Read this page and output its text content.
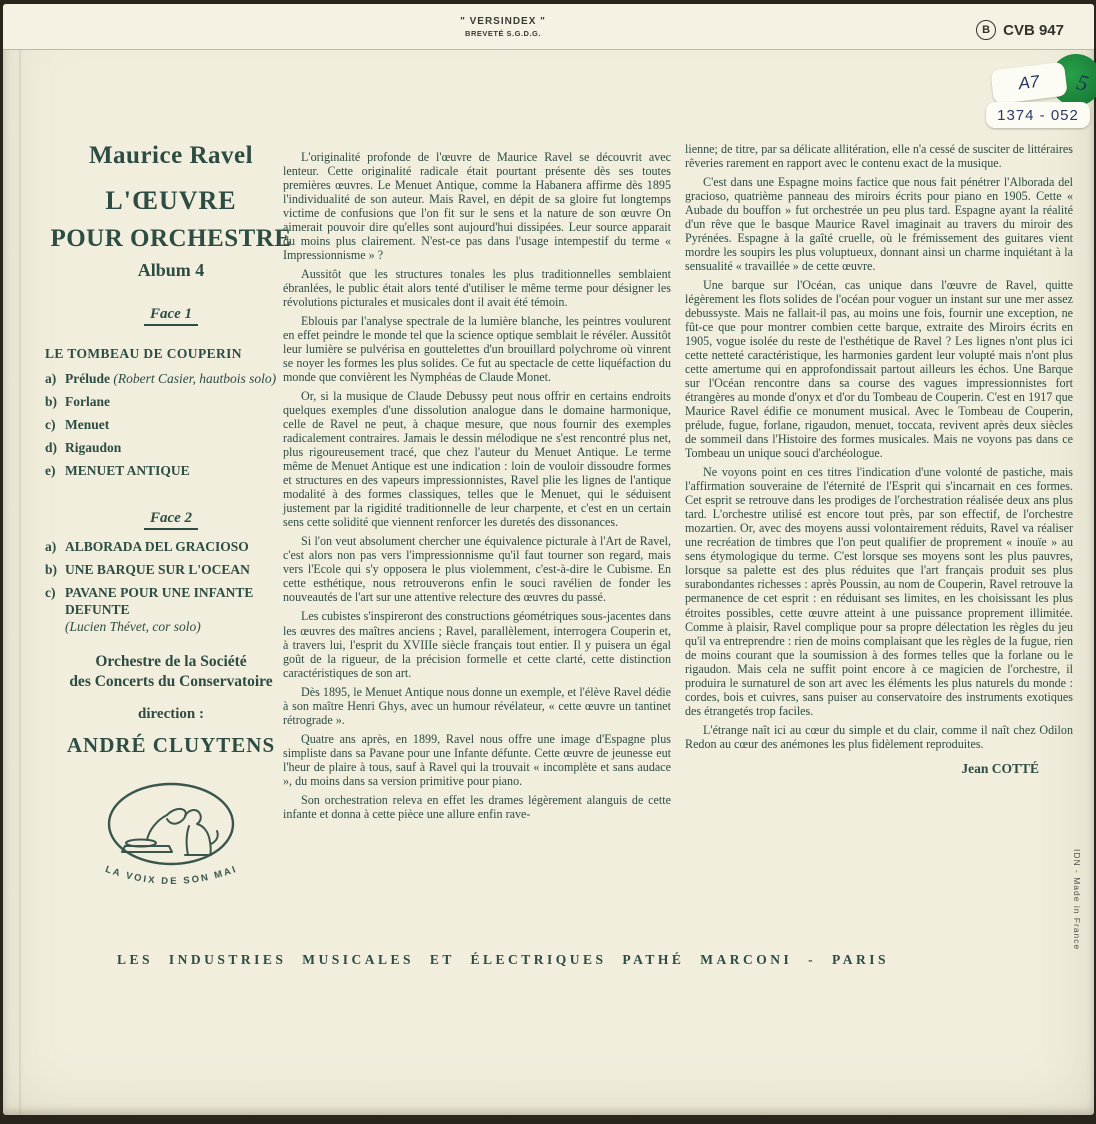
" VERSINDEX "
BREVETÉ S.G.D.G.	B CVB 947
A7	5
1374 - 052
Maurice Ravel
L'ŒUVRE
POUR ORCHESTRE
Album 4
Face 1
LE TOMBEAU DE COUPERIN
a) Prélude (Robert Casier, hautbois solo)
b) Forlane
c) Menuet
d) Rigaudon
e) MENUET ANTIQUE
Face 2
a) ALBORADA DEL GRACIOSO
b) UNE BARQUE SUR L'OCEAN
c) PAVANE POUR UNE INFANTE DEFUNTE
(Lucien Thévet, cor solo)
Orchestre de la Société
des Concerts du Conservatoire
direction :
ANDRÉ CLUYTENS
LA VOIX DE SON MAI

L'originalité profonde de l'œuvre de Maurice Ravel se découvrit avec lenteur. Cette originalité radicale était pourtant présente dès ses toutes premières œuvres. Le Menuet Antique, comme la Habanera affirme dès 1895 l'individualité de son auteur. Mais Ravel, en dépit de sa gloire fut longtemps victime de confusions que l'on fit sur le sens et la nature de son œuvre On aimerait pouvoir dire qu'elles sont aujourd'hui dissipées. Leur source apparait du moins plus clairement. N'est-ce pas dans l'usage intempestif du terme « Impressionnisme » ?

Aussitôt que les structures tonales les plus traditionnelles semblaient ébranlées, le public était alors tenté d'utiliser le même terme pour désigner les révolutions picturales et musicales dont il avait été témoin.

Eblouis par l'analyse spectrale de la lumière blanche, les peintres voulurent en effet peindre le monde tel que la science optique semblait le révéler. Aussitôt leur lumière se pulvérisa en gouttelettes d'un brouillard polychrome où vinrent se noyer les formes les plus solides. Ce fut au spectacle de cette liquéfaction du monde que convièrent les Nymphéas de Claude Monet.

Or, si la musique de Claude Debussy peut nous offrir en certains endroits quelques exemples d'une dissolution analogue dans le domaine harmonique, celle de Ravel ne peut, à chaque mesure, que nous fournir des exemples radicalement contraires. Jamais le dessin mélodique ne s'est rencontré plus net, plus rigoureusement tracé, que chez l'auteur du Menuet Antique. Le terme même de Menuet Antique est une indication : loin de vouloir dissoudre formes et structures en des vapeurs impressionnistes, Ravel plie les lignes de l'antique modalité à des formes classiques, telles que le Menuet, qui le séduisent justement par la rigidité traditionnelle de leur charpente, et c'est en un certain sens cette solidité que viennent renforcer les duretés des dissonances.

Si l'on veut absolument chercher une équivalence picturale à l'Art de Ravel, c'est alors non pas vers l'impressionnisme qu'il faut tourner son regard, mais vers l'Ecole qui s'y opposera le plus violemment, c'est-à-dire le Cubisme. En cette esthétique, nous retrouverons enfin le souci ravélien de fonder les nouveautés de l'art sur une attentive relecture des œuvres du passé.

Les cubistes s'inspireront des constructions géométriques sous-jacentes dans les œuvres des maîtres anciens ; Ravel, parallèlement, interrogera Couperin et, à travers lui, l'esprit du XVIIIe siècle français tout entier. Il y puisera un égal goût de la rigueur, de la précision formelle et cette clarté, cette distinction caractéristiques de son art.

Dès 1895, le Menuet Antique nous donne un exemple, et l'élève Ravel dédie à son maître Henri Ghys, avec un humour révélateur, « cette œuvre un tantinet rétrograde ».

Quatre ans après, en 1899, Ravel nous offre une image d'Espagne plus simpliste dans sa Pavane pour une Infante défunte. Cette œuvre de jeunesse eut l'heur de plaire à tous, sauf à Ravel qui la trouvait « incomplète et sans audace », du moins dans sa version primitive pour piano.

Son orchestration releva en effet les drames légèrement alanguis de cette infante et donna à cette pièce une allure enfin rave-

lienne; de titre, par sa délicate allitération, elle n'a cessé de susciter de littéraires rêveries rarement en rapport avec le contenu exact de la musique.

C'est dans une Espagne moins factice que nous fait pénétrer l'Alborada del gracioso, quatrième panneau des miroirs écrits pour piano en 1905. Cette « Aubade du bouffon » fut orchestrée un peu plus tard. Espagne ayant la réalité d'un rêve que le basque Maurice Ravel imaginait au travers du miroir des Pyrénées. Espagne à la gaîté cruelle, où le frémissement des guitares vient mordre les soupirs les plus voluptueux, donnant ainsi un charme inquiétant à la sensualité « travaillée » de cette œuvre.

Une barque sur l'Océan, cas unique dans l'œuvre de Ravel, quitte légèrement les flots solides de l'océan pour voguer un instant sur une mer assez debussyste. Mais ne fallait-il pas, au moins une fois, fournir une exception, ne fût-ce que pour montrer combien cette barque, extraite des Miroirs écrits en 1905, vogue isolée du reste de l'esthétique de Ravel ? Les lignes n'ont plus ici cette netteté caractéristique, les harmonies gardent leur volupté mais n'ont plus cette amertume qui en approfondissait partout ailleurs les échos. Une Barque sur l'Océan rencontre dans sa course des vagues impressionnistes fort étrangères au monde d'onyx et d'or du Tombeau de Couperin. C'est en 1917 que Maurice Ravel édifie ce monument musical. Avec le Tombeau de Couperin, prélude, fugue, forlane, rigaudon, menuet, toccata, revivent après deux siècles de sommeil dans l'Histoire des formes musicales. Mais ne voyons pas dans ce Tombeau un unique souci d'archéologue.

Ne voyons point en ces titres l'indication d'une volonté de pastiche, mais l'affirmation souveraine de l'éternité de l'Esprit qui s'incarnait en ces formes. Cet esprit se retrouve dans les prodiges de l'orchestration réalisée deux ans plus tard. L'orchestre utilisé est encore tout près, par son effectif, de l'orchestre mozartien. Or, avec des moyens aussi volontairement réduits, Ravel va réaliser une recréation de timbres que l'on peut qualifier de proprement « inouïe » au sens étymologique du terme. C'est lorsque ses moyens sont les plus pauvres, lorsque sa palette est des plus réduites que l'art français produit ses plus surabondantes richesses : après Poussin, au nom de Couperin, Ravel retrouve la permanence de cet esprit : en réduisant ses limites, en les choisissant les plus étroites possibles, cette œuvre atteint à une puissance proprement illimitée. Comme à plaisir, Ravel complique pour sa propre délectation les règles du jeu qu'il va entreprendre : rien de moins complaisant que les règles de la fugue, rien de moins courant que la soumission à des formes telles que la forlane ou le rigaudon. Mais cela ne suffit point encore à ce magicien de l'orchestre, il produira le surnaturel de son art avec les éléments les plus naturels du monde : cordes, bois et cuivres, sans puiser au conservatoire des instruments exotiques des étrangetés trop faciles.

L'étrange naît ici au cœur du simple et du clair, comme il naît chez Odilon Redon au cœur des anémones les plus fidèlement reproduites.

Jean COTTÉ
LES INDUSTRIES MUSICALES ET ÉLECTRIQUES PATHÉ MARCONI - PARIS
IDN - Made in France
